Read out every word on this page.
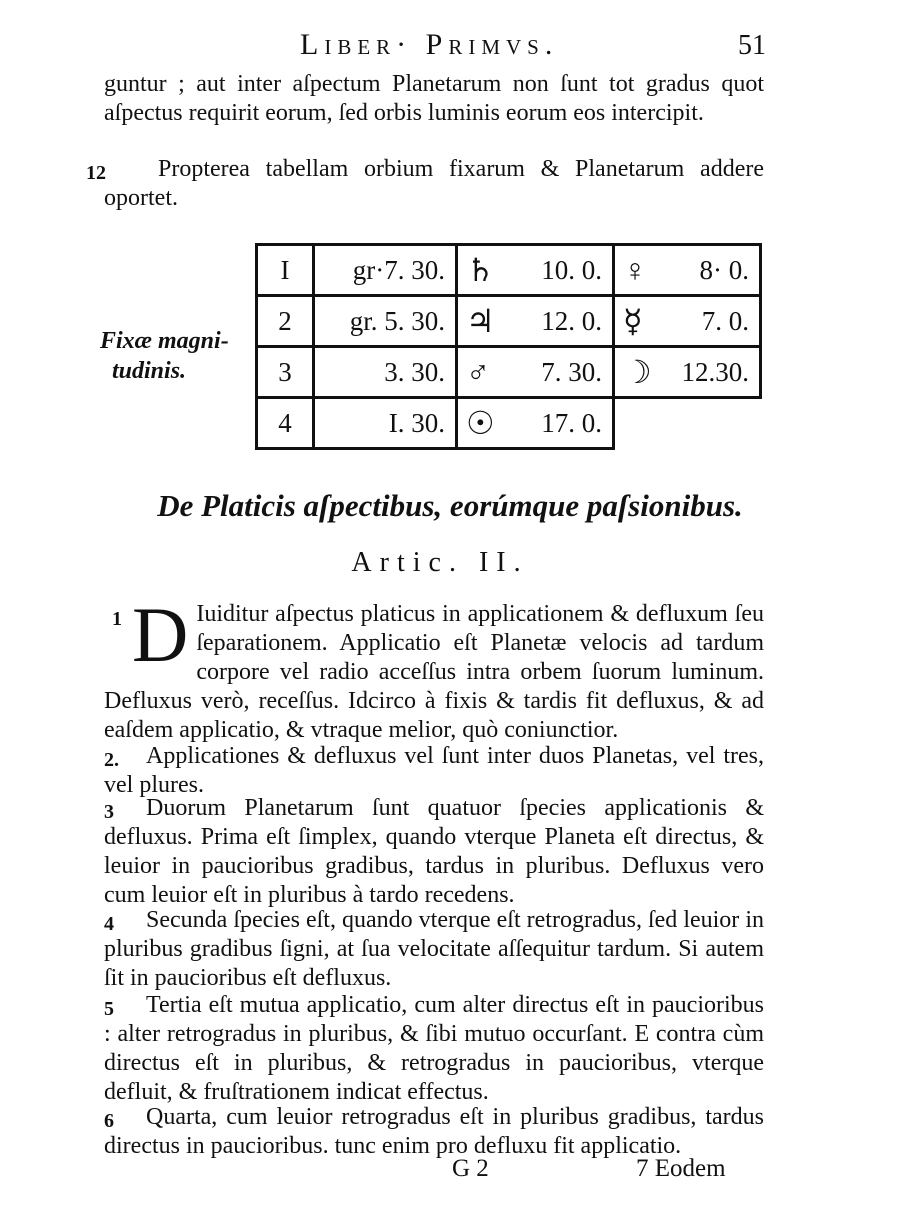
Liber· Primvs.	51

guntur ; aut inter aſpectum Planetarum non ſunt tot gradus quot aſpectus requirit eorum, ſed orbis luminis eorum eos intercipit.

12	Propterea tabellam orbium fixarum & Planetarum addere oportet.

Fixæ magni-
tudinis.
I	gr·7. 30.	♄ 10. 0.	♀ 8· 0.
2	gr. 5. 30.	♃ 12. 0.	☿ 7. 0.
3	3. 30.	♂ 7. 30.	☽ 12.30.
4	I. 30.	☉ 17. 0.	
De Platicis aſpectibus, eorúmque paſsionibus.
Artic. II.
1 D Iuiditur aſpectus platicus in applicationem & defluxum ſeu ſeparationem. Applicatio eſt Planetæ velocis ad tardum corpore vel radio acceſſus intra orbem ſuorum luminum. Defluxus verò, receſſus. Idcirco à fixis & tardis fit defluxus, & ad eaſdem applicatio, & vtraque melior, quò coniunctior.

2. Applicationes & defluxus vel ſunt inter duos Planetas, vel tres, vel plures.

3 Duorum Planetarum ſunt quatuor ſpecies applicationis & defluxus. Prima eſt ſimplex, quando vterque Planeta eſt directus, & leuior in paucioribus gradibus, tardus in pluribus. Defluxus vero cum leuior eſt in pluribus à tardo recedens.

4 Secunda ſpecies eſt, quando vterque eſt retrogradus, ſed leuior in pluribus gradibus ſigni, at ſua velocitate aſſequitur tardum. Si autem ſit in paucioribus eſt defluxus.

5 Tertia eſt mutua applicatio, cum alter directus eſt in paucioribus : alter retrogradus in pluribus, & ſibi mutuo occurſant. E contra cùm directus eſt in pluribus, & retrogradus in paucioribus, vterque defluit, & fruſtrationem indicat effectus.

6 Quarta, cum leuior retrogradus eſt in pluribus gradibus, tardus directus in paucioribus. tunc enim pro defluxu fit applicatio.

G 2	7 Eodem
